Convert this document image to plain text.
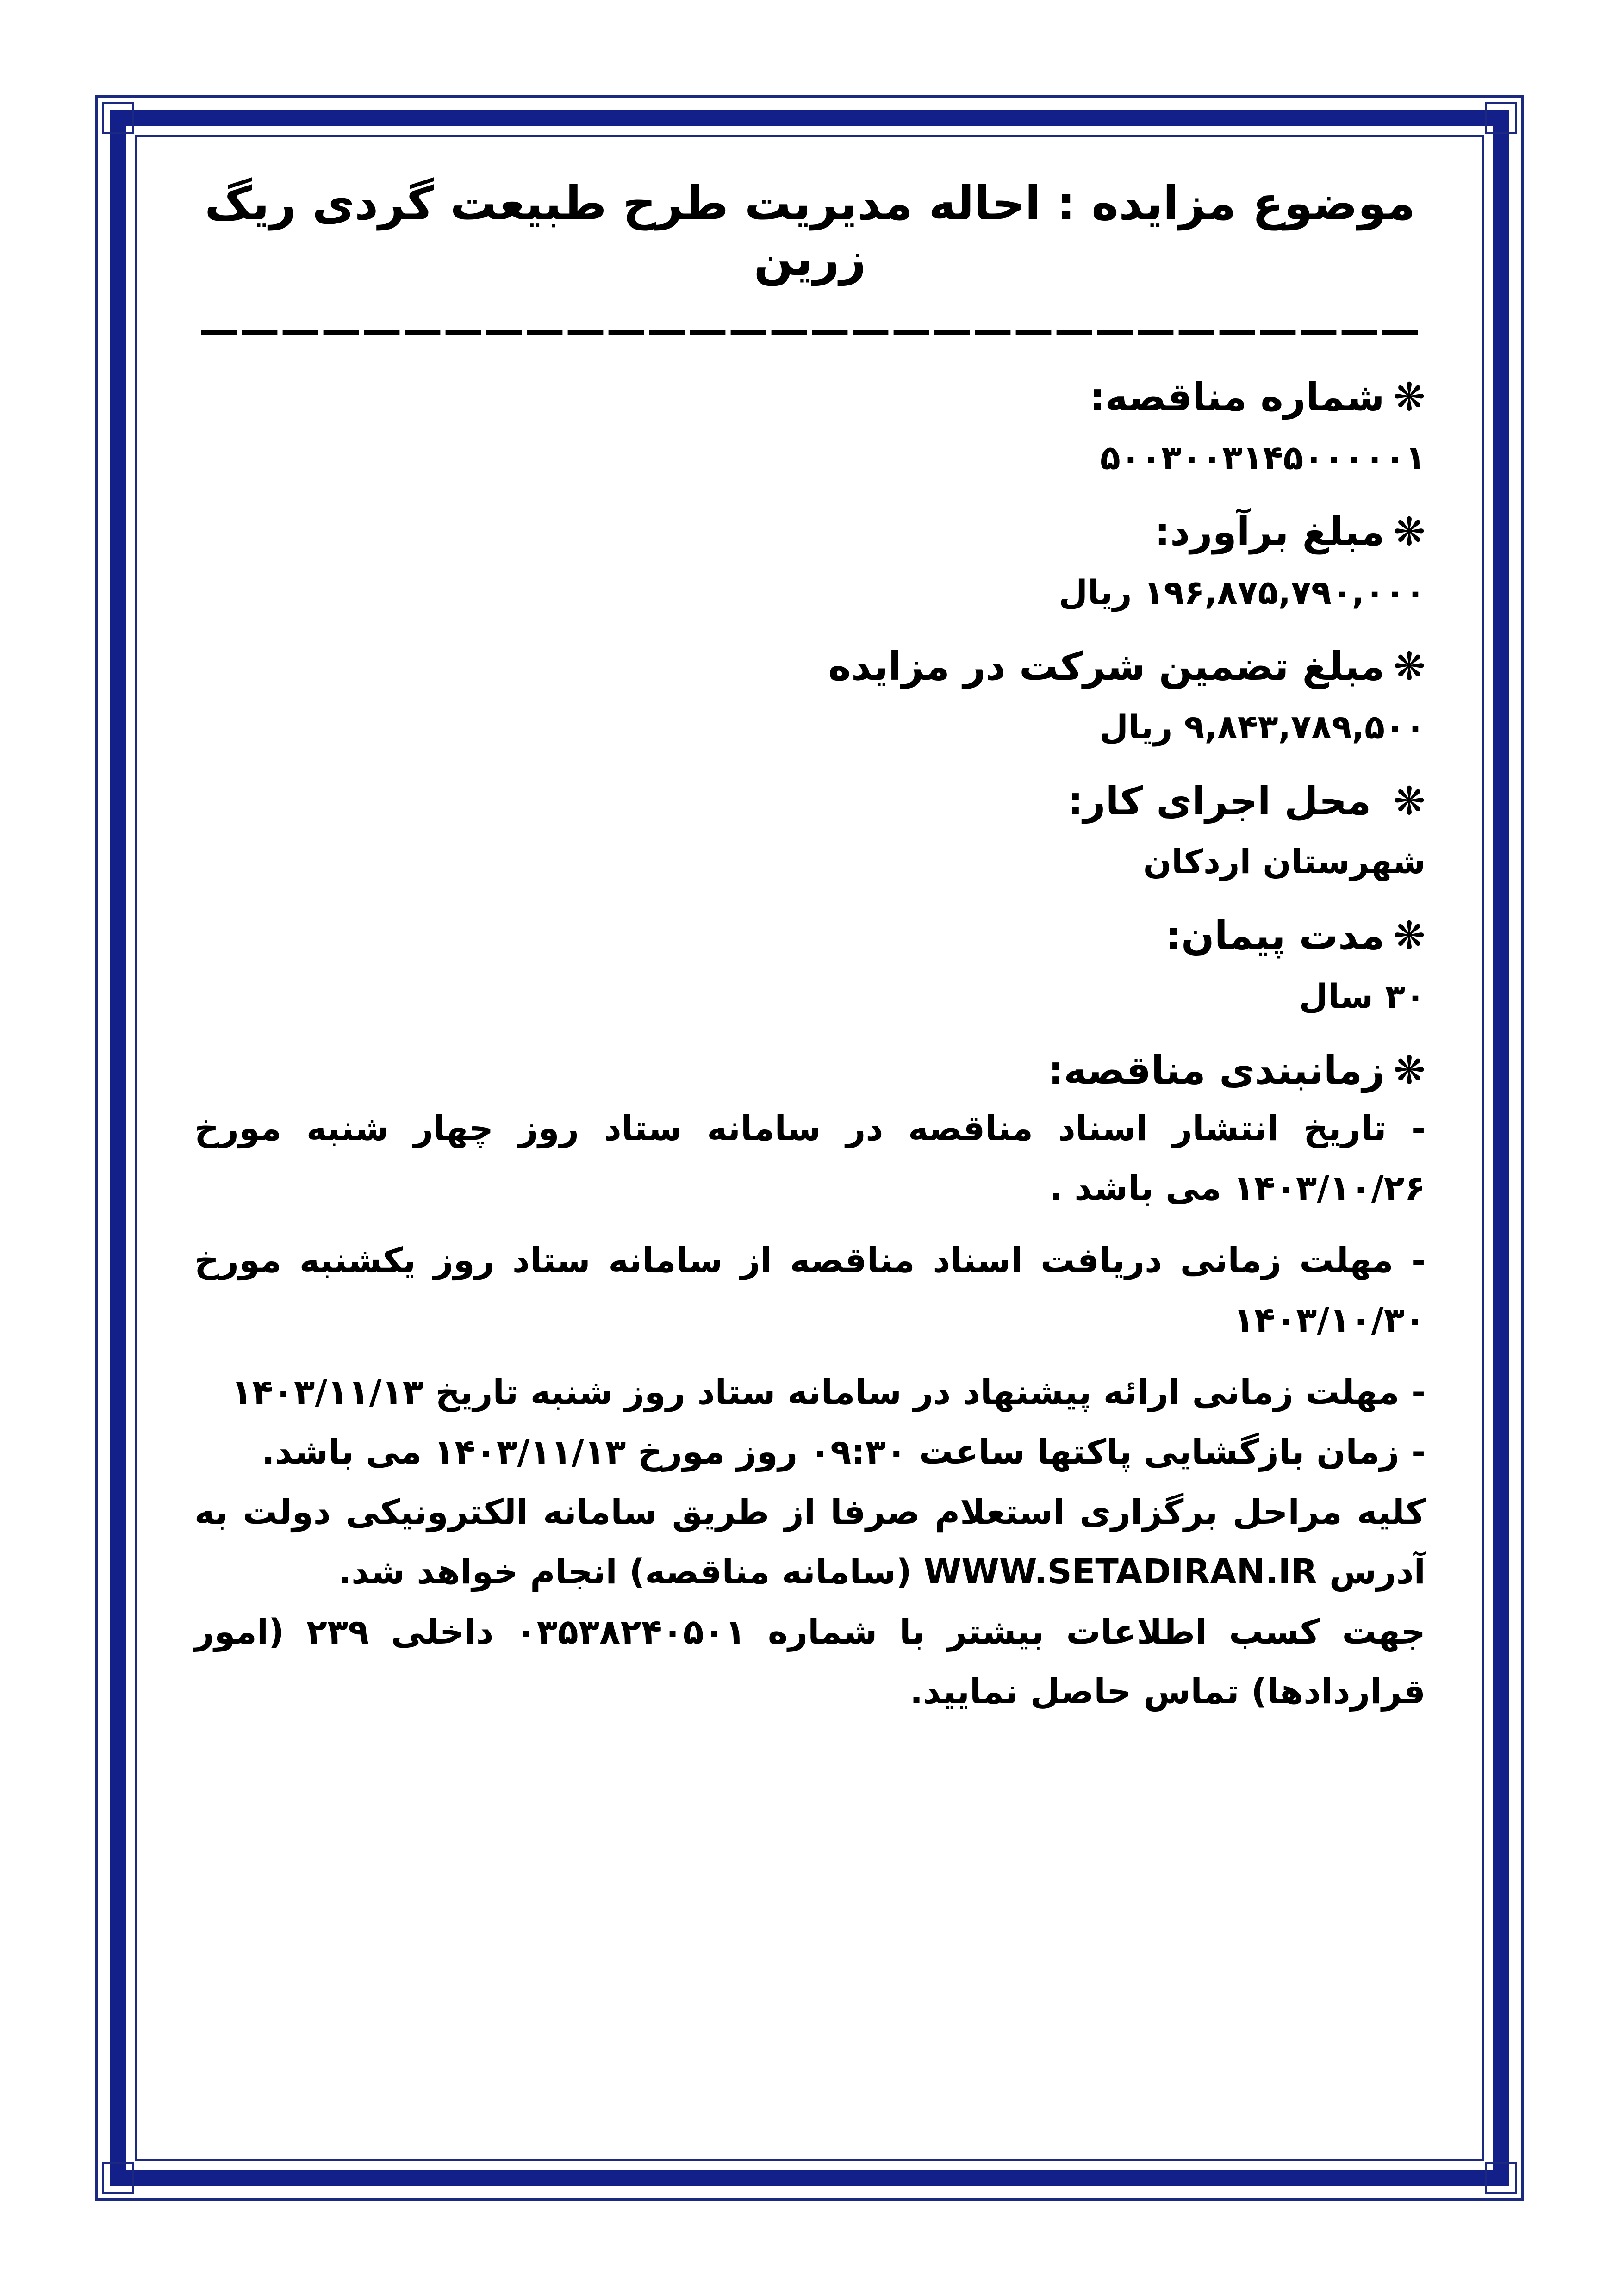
موضوع مزایده : احاله مدیریت طرح طبیعت گردی ریگ زرین
——————————————————————————————
❋شماره مناقصه:
۵۰۰۳۰۰۳۱۴۵۰۰۰۰۰۱
❋مبلغ برآورد:
۱۹۶,۸۷۵,۷۹۰,۰۰۰ ریال
❋مبلغ تضمین شرکت در مزایده
۹,۸۴۳,۷۸۹,۵۰۰ ریال
❋ محل اجرای کار:
شهرستان اردکان
❋مدت پیمان:
۳۰ سال
❋زمانبندی مناقصه:
- تاریخ انتشار اسناد مناقصه در سامانه ستاد روز چهار شنبه مورخ ۱۴۰۳/۱۰/۲۶ می باشد .
- مهلت زمانی دریافت اسناد مناقصه از سامانه ستاد روز یکشنبه مورخ ۱۴۰۳/۱۰/۳۰
- مهلت زمانی ارائه پیشنهاد در سامانه ستاد روز شنبه تاریخ ۱۴۰۳/۱۱/۱۳
- زمان بازگشایی پاکتها ساعت ۰۹:۳۰ روز مورخ ۱۴۰۳/۱۱/۱۳ می باشد.
کلیه مراحل برگزاری استعلام صرفا از طریق سامانه الکترونیکی دولت به آدرس WWW.SETADIRAN.IR (سامانه مناقصه) انجام خواهد شد.
جهت کسب اطلاعات بیشتر با شماره ۰۳۵۳۸۲۴۰۵۰۱ داخلی ۲۳۹ (امور قراردادها) تماس حاصل نمایید.
